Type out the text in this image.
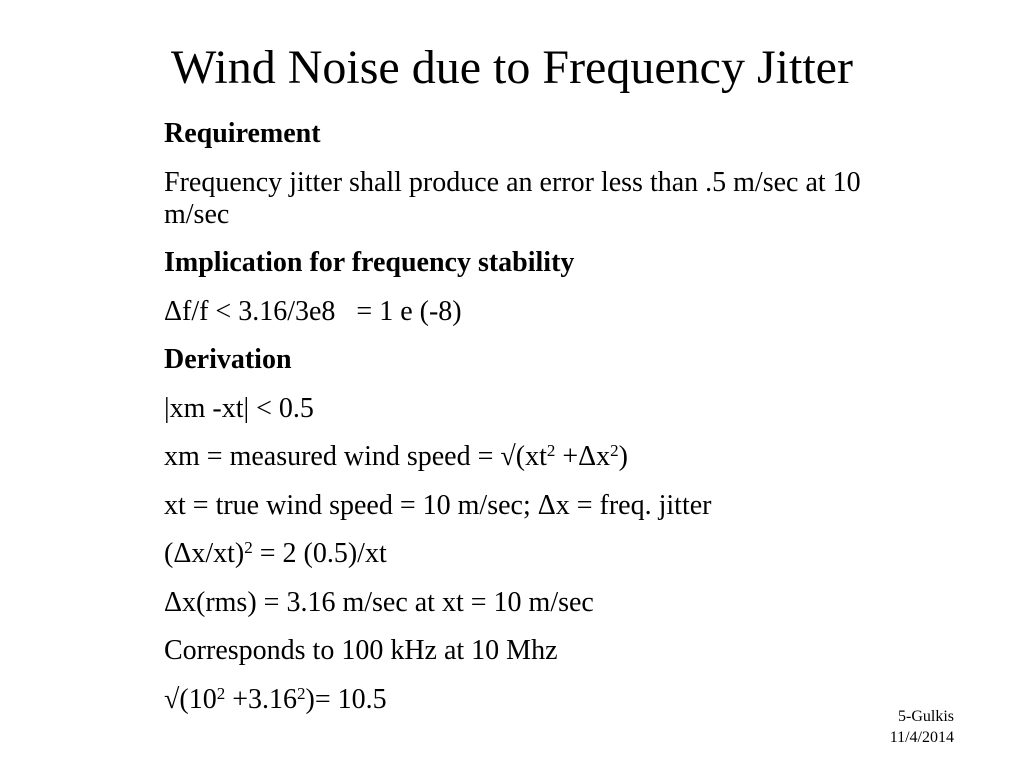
Wind Noise due to Frequency Jitter
Requirement
Frequency jitter shall produce an error less than .5 m/sec at 10 m/sec
Implication for frequency stability
Δf/f < 3.16/3e8   = 1 e (-8)
Derivation
|xm -xt| < 0.5
xm = measured wind speed = $√(xt^2 +\Delta x^2)$
xt = true wind speed = 10 m/sec; Δx = freq. jitter
$(\Delta x/xt)^2 = 2$ (0.5)/xt
Δx(rms) = 3.16 m/sec at xt = 10 m/sec
Corresponds to 100 kHz at 10 Mhz
$√(10^2 +3.16^2)= 10.5$
5-Gulkis
11/4/2014
